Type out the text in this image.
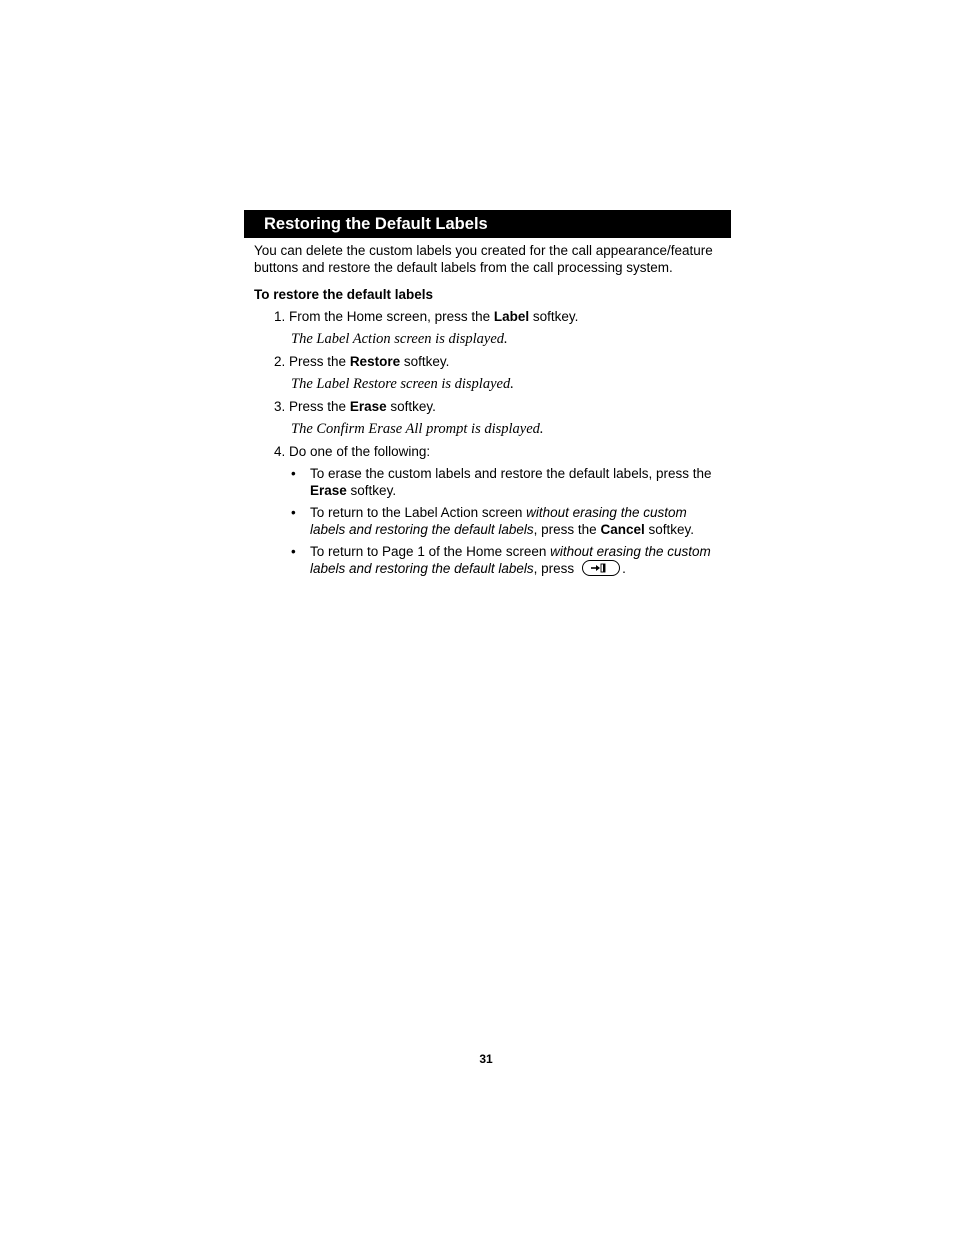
Restoring the Default Labels
You can delete the custom labels you created for the call appearance/feature
buttons and restore the default labels from the call processing system.
To restore the default labels
1. From the Home screen, press the Label softkey.
The Label Action screen is displayed.
2. Press the Restore softkey.
The Label Restore screen is displayed.
3. Press the Erase softkey.
The Confirm Erase All prompt is displayed.
4. Do one of the following:
• To erase the custom labels and restore the default labels, press the
Erase softkey.
• To return to the Label Action screen without erasing the custom
labels and restoring the default labels, press the Cancel softkey.
• To return to Page 1 of the Home screen without erasing the custom
labels and restoring the default labels, press	.
31
